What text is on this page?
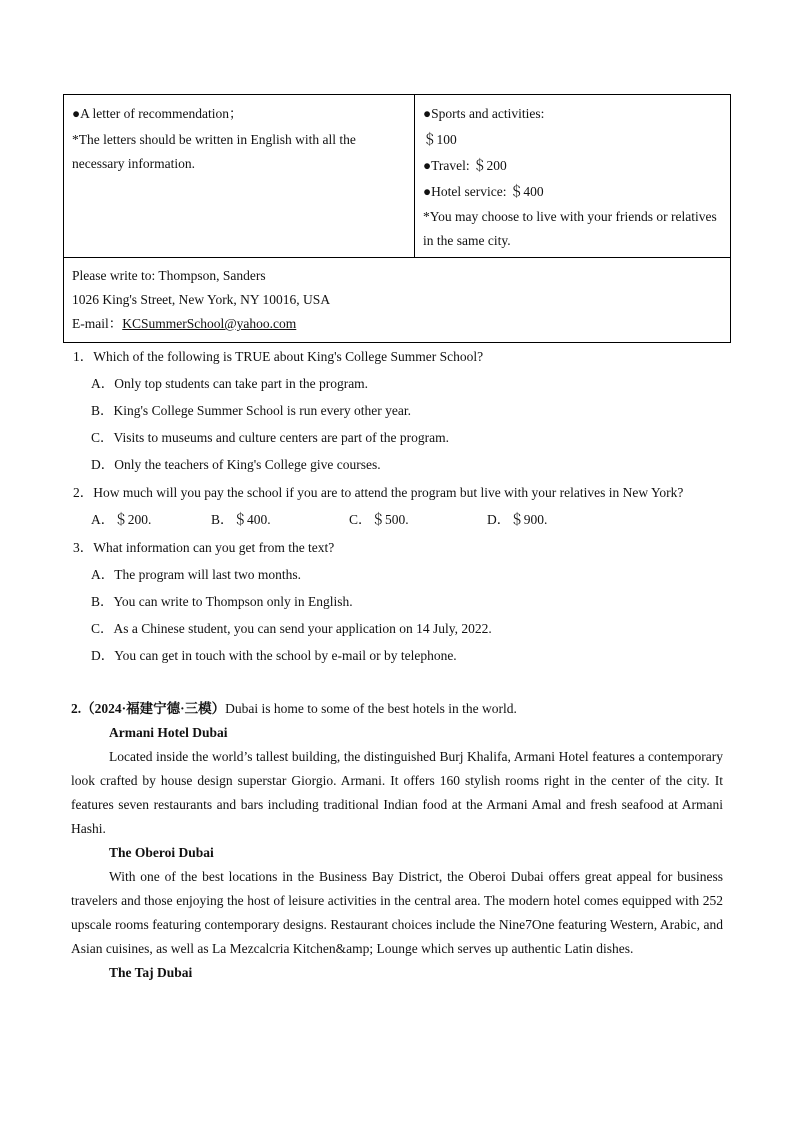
●A letter of recommendation；
*The letters should be written in English with all the necessary information.

●Sports and activities:
＄100
●Travel: ＄200
●Hotel service: ＄400
*You may choose to live with your friends or relatives in the same city.

Please write to: Thompson, Sanders
1026 King's Street, New York, NY 10016, USA
E-mail：KCSummerSchool@yahoo.com
1．Which of the following is TRUE about King's College Summer School?
A．Only top students can take part in the program.
B．King's College Summer School is run every other year.
C．Visits to museums and culture centers are part of the program.
D．Only the teachers of King's College give courses.
2．How much will you pay the school if you are to attend the program but live with your relatives in New York?
A．＄200.	B．＄400.	C．＄500.	D．＄900.
3．What information can you get from the text?
A．The program will last two months.
B．You can write to Thompson only in English.
C．As a Chinese student, you can send your application on 14 July, 2022.
D．You can get in touch with the school by e-mail or by telephone.
2.（2024·福建宁德·三模）Dubai is home to some of the best hotels in the world.
Armani Hotel Dubai

Located inside the world’s tallest building, the distinguished Burj Khalifa, Armani Hotel features a contemporary look crafted by house design superstar Giorgio. Armani. It offers 160 stylish rooms right in the center of the city. It features seven restaurants and bars including traditional Indian food at the Armani Amal and fresh seafood at Armani Hashi.

The Oberoi Dubai

With one of the best locations in the Business Bay District, the Oberoi Dubai offers great appeal for business travelers and those enjoying the host of leisure activities in the central area. The modern hotel comes equipped with 252 upscale rooms featuring contemporary designs. Restaurant choices include the Nine7One featuring Western, Arabic, and Asian cuisines, as well as La Mezcalcria Kitchen&amp; Lounge which serves up authentic Latin dishes.

The Taj Dubai
